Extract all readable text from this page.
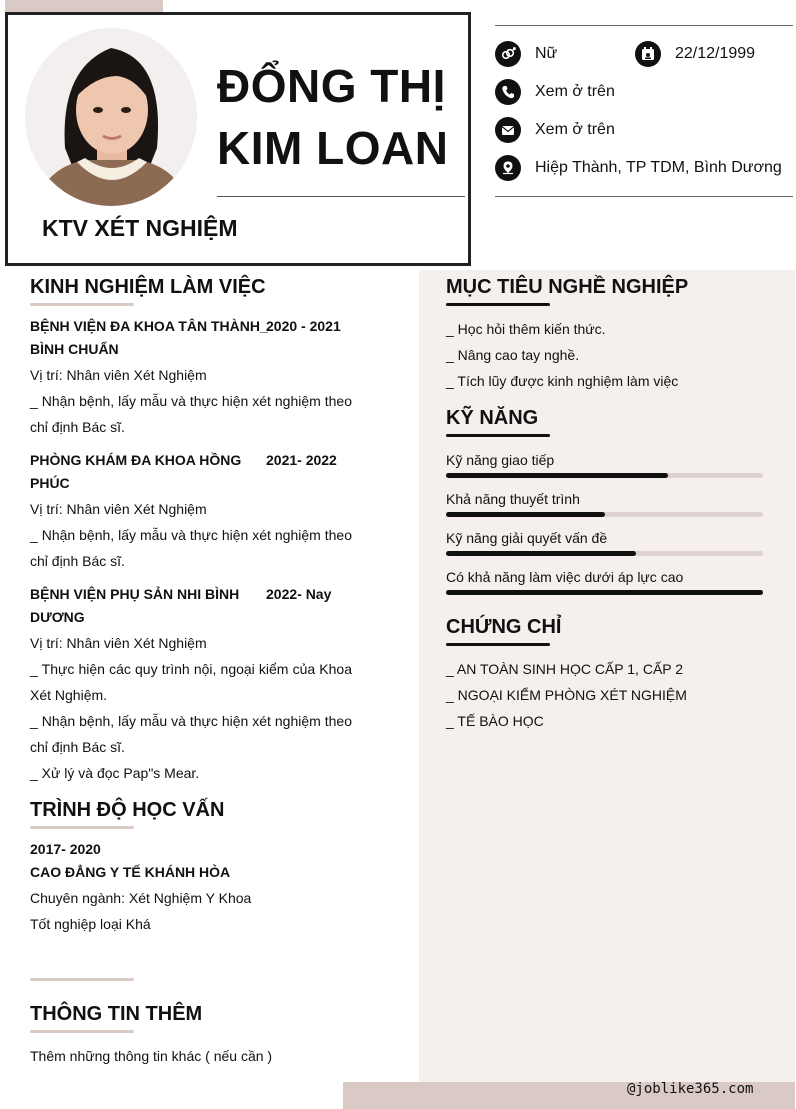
ĐỔNG THỊ
KIM LOAN
KTV XÉT NGHIỆM
Nữ	22/12/1999
Xem ở trên
Xem ở trên
Hiệp Thành, TP TDM, Bình Dương
KINH NGHIỆM LÀM VIỆC
BỆNH VIỆN ĐA KHOA TÂN THÀNH_
BÌNH CHUẨN
2020 - 2021
Vị trí: Nhân viên Xét Nghiệm
_ Nhận bệnh, lấy mẫu và thực hiện xét nghiệm theo chỉ định Bác sĩ.
PHÒNG KHÁM ĐA KHOA HỒNG
PHÚC
2021- 2022
Vị trí: Nhân viên Xét Nghiệm
_ Nhận bệnh, lấy mẫu và thực hiện xét nghiệm theo chỉ định Bác sĩ.
BỆNH VIỆN PHỤ SẢN NHI BÌNH
DƯƠNG
2022- Nay
Vị trí: Nhân viên Xét Nghiệm
_ Thực hiện các quy trình nội, ngoại kiểm của Khoa Xét Nghiệm.
_ Nhận bệnh, lấy mẫu và thực hiện xét nghiệm theo chỉ định Bác sĩ.
_ Xử lý và đọc Pap"s Mear.
TRÌNH ĐỘ HỌC VẤN
2017- 2020
CAO ĐẲNG Y TẾ KHÁNH HÒA
Chuyên ngành: Xét Nghiệm Y Khoa
Tốt nghiệp loại Khá
THÔNG TIN THÊM
Thêm những thông tin khác ( nếu cần )
MỤC TIÊU NGHỀ NGHIỆP
_ Học hỏi thêm kiến thức.
_ Nâng cao tay nghề.
_ Tích lũy được kinh nghiệm làm việc
KỸ NĂNG
Kỹ năng giao tiếp
Khả năng thuyết trình
Kỹ năng giải quyết vấn đề
Có khả năng làm việc dưới áp lực cao
CHỨNG CHỈ
_ AN TOÀN SINH HỌC CẤP 1, CẤP 2
_ NGOẠI KIỂM PHÒNG XÉT NGHIỆM
_ TẾ BÀO HỌC
@joblike365.com
